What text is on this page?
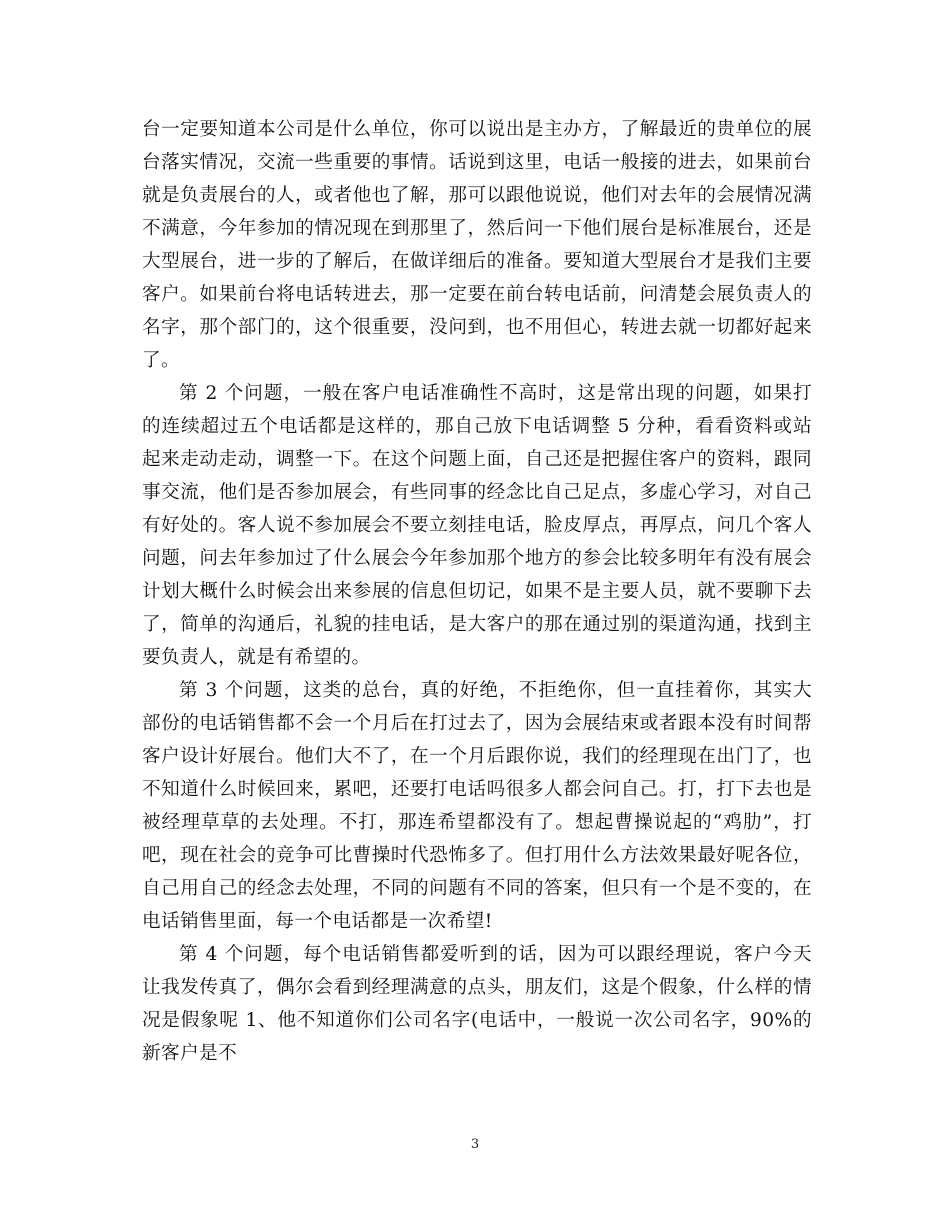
台一定要知道本公司是什么单位，你可以说出是主办方，了解最近的贵单位的展台落实情况，交流一些重要的事情。话说到这里，电话一般接的进去，如果前台就是负责展台的人，或者他也了解，那可以跟他说说，他们对去年的会展情况满不满意，今年参加的情况现在到那里了，然后问一下他们展台是标准展台，还是大型展台，进一步的了解后，在做详细后的准备。要知道大型展台才是我们主要客户。如果前台将电话转进去，那一定要在前台转电话前，问清楚会展负责人的名字，那个部门的，这个很重要，没问到，也不用但心，转进去就一切都好起来了。

第 2 个问题，一般在客户电话准确性不高时，这是常出现的问题，如果打的连续超过五个电话都是这样的，那自己放下电话调整 5 分种，看看资料或站起来走动走动，调整一下。在这个问题上面，自己还是把握住客户的资料，跟同事交流，他们是否参加展会，有些同事的经念比自己足点，多虚心学习，对自己有好处的。客人说不参加展会不要立刻挂电话，脸皮厚点，再厚点，问几个客人问题，问去年参加过了什么展会今年参加那个地方的参会比较多明年有没有展会计划大概什么时候会出来参展的信息但切记，如果不是主要人员，就不要聊下去了，简单的沟通后，礼貌的挂电话，是大客户的那在通过别的渠道沟通，找到主要负责人，就是有希望的。

第 3 个问题，这类的总台，真的好绝，不拒绝你，但一直挂着你，其实大部份的电话销售都不会一个月后在打过去了，因为会展结束或者跟本没有时间帮客户设计好展台。他们大不了，在一个月后跟你说，我们的经理现在出门了，也不知道什么时候回来，累吧，还要打电话吗很多人都会问自己。打，打下去也是被经理草草的去处理。不打，那连希望都没有了。想起曹操说起的“鸡肋”，打吧，现在社会的竞争可比曹操时代恐怖多了。但打用什么方法效果最好呢各位，自己用自己的经念去处理，不同的问题有不同的答案，但只有一个是不变的，在电话销售里面，每一个电话都是一次希望!

第 4 个问题，每个电话销售都爱听到的话，因为可以跟经理说，客户今天让我发传真了，偶尔会看到经理满意的点头，朋友们，这是个假象，什么样的情况是假象呢 1、他不知道你们公司名字(电话中，一般说一次公司名字，90%的新客户是不

3
